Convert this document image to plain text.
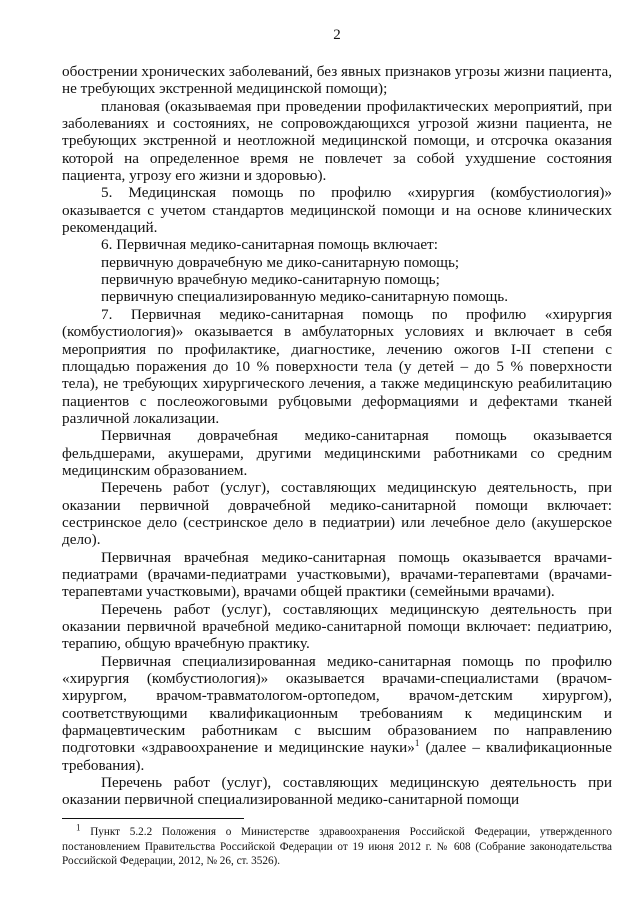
2

обострении хронических заболеваний, без явных признаков угрозы жизни пациента, не требующих экстренной медицинской помощи);

плановая (оказываемая при проведении профилактических мероприятий, при заболеваниях и состояниях, не сопровождающихся угрозой жизни пациента, не требующих экстренной и неотложной медицинской помощи, и отсрочка оказания которой на определенное время не повлечет за собой ухудшение состояния пациента, угрозу его жизни и здоровью).

5. Медицинская помощь по профилю «хирургия (комбустиология)» оказывается с учетом стандартов медицинской помощи и на основе клинических рекомендаций.

6. Первичная медико-санитарная помощь включает:

первичную доврачебную ме дико-санитарную помощь;

первичную врачебную медико-санитарную помощь;

первичную специализированную медико-санитарную помощь.

7. Первичная медико-санитарная помощь по профилю «хирургия (комбустиология)» оказывается в амбулаторных условиях и включает в себя мероприятия по профилактике, диагностике, лечению ожогов I-II степени с площадью поражения до 10 % поверхности тела (у детей – до 5 % поверхности тела), не требующих хирургического лечения, а также медицинскую реабилитацию пациентов с послеожоговыми рубцовыми деформациями и дефектами тканей различной локализации.

Первичная доврачебная медико-санитарная помощь оказывается фельдшерами, акушерами, другими медицинскими работниками со средним медицинским образованием.

Перечень работ (услуг), составляющих медицинскую деятельность, при оказании первичной доврачебной медико-санитарной помощи включает: сестринское дело (сестринское дело в педиатрии) или лечебное дело (акушерское дело).

Первичная врачебная медико-санитарная помощь оказывается врачами-педиатрами (врачами-педиатрами участковыми), врачами-терапевтами (врачами-терапевтами участковыми), врачами общей практики (семейными врачами).

Перечень работ (услуг), составляющих медицинскую деятельность при оказании первичной врачебной медико-санитарной помощи включает: педиатрию, терапию, общую врачебную практику.

Первичная специализированная медико-санитарная помощь по профилю «хирургия (комбустиология)» оказывается врачами-специалистами (врачом-хирургом, врачом-травматологом-ортопедом, врачом-детским хирургом), соответствующими квалификационным требованиям к медицинским и фармацевтическим работникам с высшим образованием по направлению подготовки «здравоохранение и медицинские науки»$^1$ (далее – квалификационные требования).

Перечень работ (услуг), составляющих медицинскую деятельность при оказании первичной специализированной медико-санитарной помощи

$^1$ Пункт 5.2.2 Положения о Министерстве здравоохранения Российской Федерации, утвержденного постановлением Правительства Российской Федерации от 19 июня 2012 г. № 608 (Собрание законодательства Российской Федерации, 2012, № 26, ст. 3526).
